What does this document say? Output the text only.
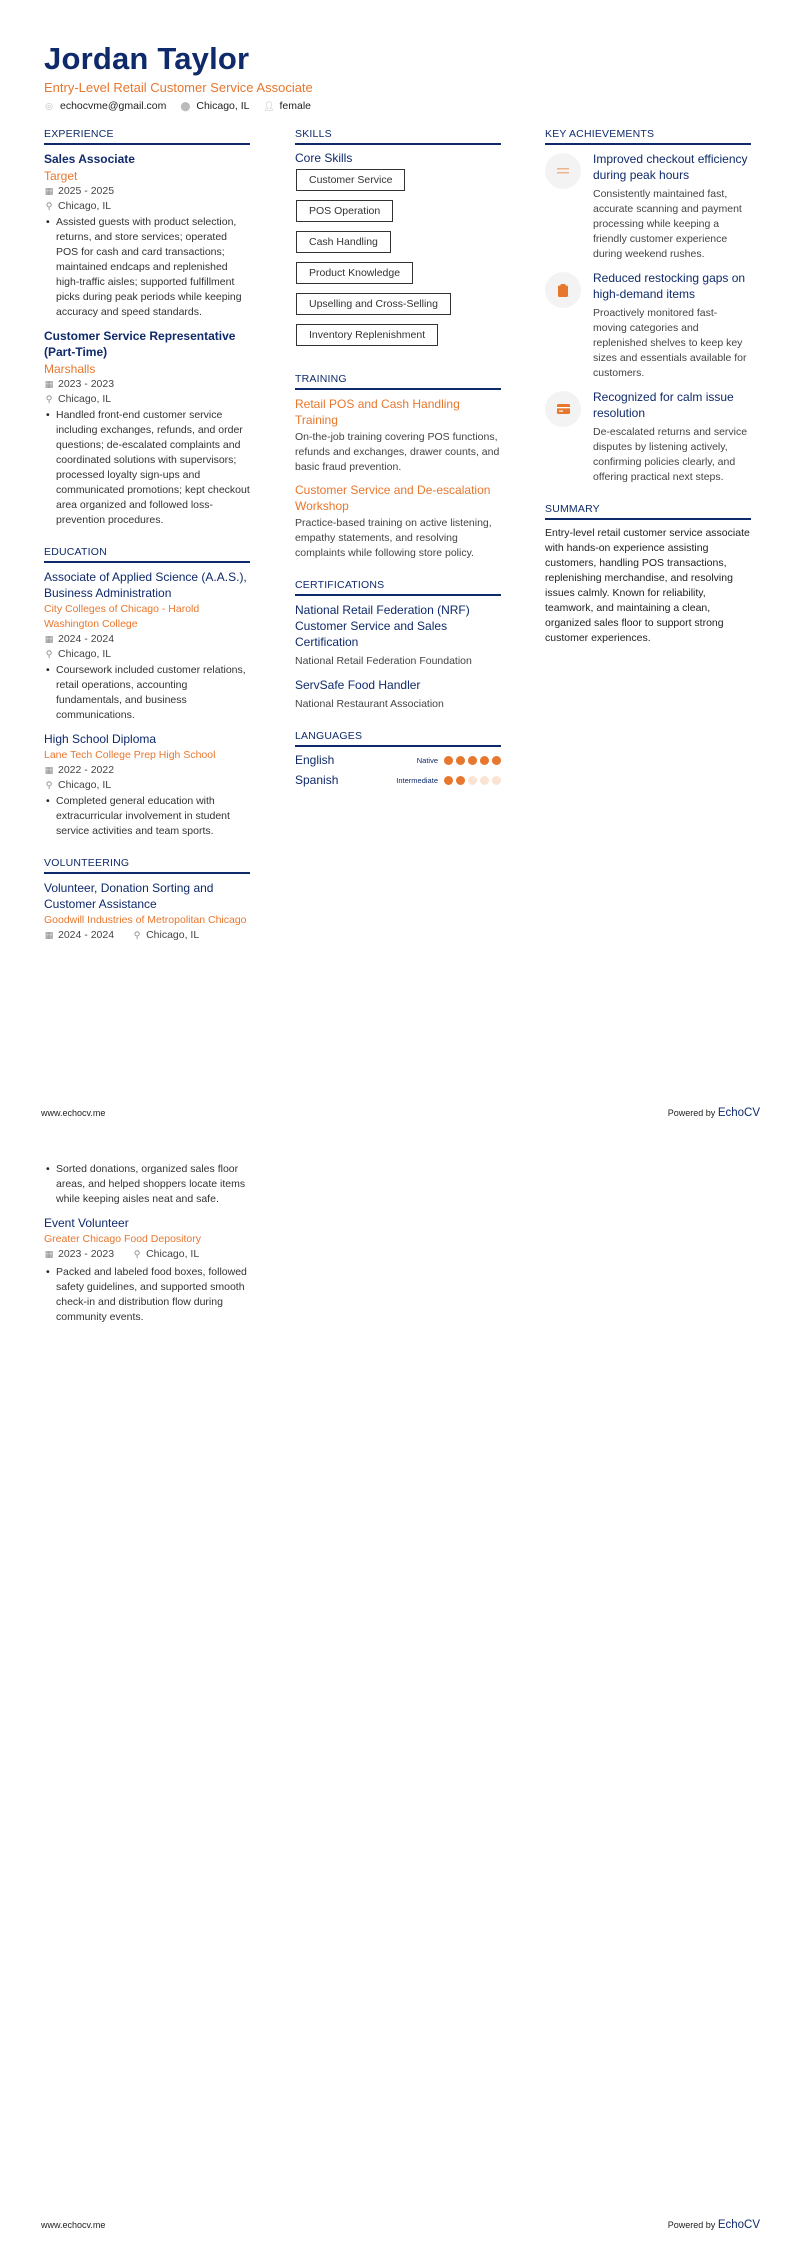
Jordan Taylor
Entry-Level Retail Customer Service Associate
◎ echocvme@gmail.com ⬤ Chicago, IL 👤︎ female
EXPERIENCE
Sales Associate
Target
▦ 2025 - 2025
⚲ Chicago, IL
• Assisted guests with product selection, returns, and store services; operated POS for cash and card transactions; maintained endcaps and replenished high-traffic aisles; supported fulfillment picks during peak periods while keeping accuracy and speed standards.
Customer Service Representative (Part-Time)
Marshalls
▦ 2023 - 2023
⚲ Chicago, IL
• Handled front-end customer service including exchanges, refunds, and order questions; de-escalated complaints and coordinated solutions with supervisors; processed loyalty sign-ups and communicated promotions; kept checkout area organized and followed loss-prevention procedures.
EDUCATION
Associate of Applied Science (A.A.S.), Business Administration
City Colleges of Chicago - Harold Washington College
▦ 2024 - 2024
⚲ Chicago, IL
• Coursework included customer relations, retail operations, accounting fundamentals, and business communications.
High School Diploma
Lane Tech College Prep High School
▦ 2022 - 2022
⚲ Chicago, IL
• Completed general education with extracurricular involvement in student service activities and team sports.
VOLUNTEERING
Volunteer, Donation Sorting and Customer Assistance
Goodwill Industries of Metropolitan Chicago
▦ 2024 - 2024 ⚲ Chicago, IL
SKILLS
Core Skills
Customer Service
POS Operation
Cash Handling
Product Knowledge
Upselling and Cross-Selling
Inventory Replenishment
TRAINING
Retail POS and Cash Handling Training
On-the-job training covering POS functions, refunds and exchanges, drawer counts, and basic fraud prevention.
Customer Service and De-escalation Workshop
Practice-based training on active listening, empathy statements, and resolving complaints while following store policy.
CERTIFICATIONS
National Retail Federation (NRF) Customer Service and Sales Certification
National Retail Federation Foundation
ServSafe Food Handler
National Restaurant Association
LANGUAGES
English	Native
Spanish	Intermediate
KEY ACHIEVEMENTS
Improved checkout efficiency during peak hours
Consistently maintained fast, accurate scanning and payment processing while keeping a friendly customer experience during weekend rushes.
Reduced restocking gaps on high-demand items
Proactively monitored fast-moving categories and replenished shelves to keep key sizes and essentials available for customers.
Recognized for calm issue resolution
De-escalated returns and service disputes by listening actively, confirming policies clearly, and offering practical next steps.
SUMMARY
Entry-level retail customer service associate with hands-on experience assisting customers, handling POS transactions, replenishing merchandise, and resolving issues calmly. Known for reliability, teamwork, and maintaining a clean, organized sales floor to support strong customer experiences.
www.echocv.me	Powered by EchoCV
• Sorted donations, organized sales floor areas, and helped shoppers locate items while keeping aisles neat and safe.
Event Volunteer
Greater Chicago Food Depository
▦ 2023 - 2023 ⚲ Chicago, IL
• Packed and labeled food boxes, followed safety guidelines, and supported smooth check-in and distribution flow during community events.
www.echocv.me	Powered by EchoCV
